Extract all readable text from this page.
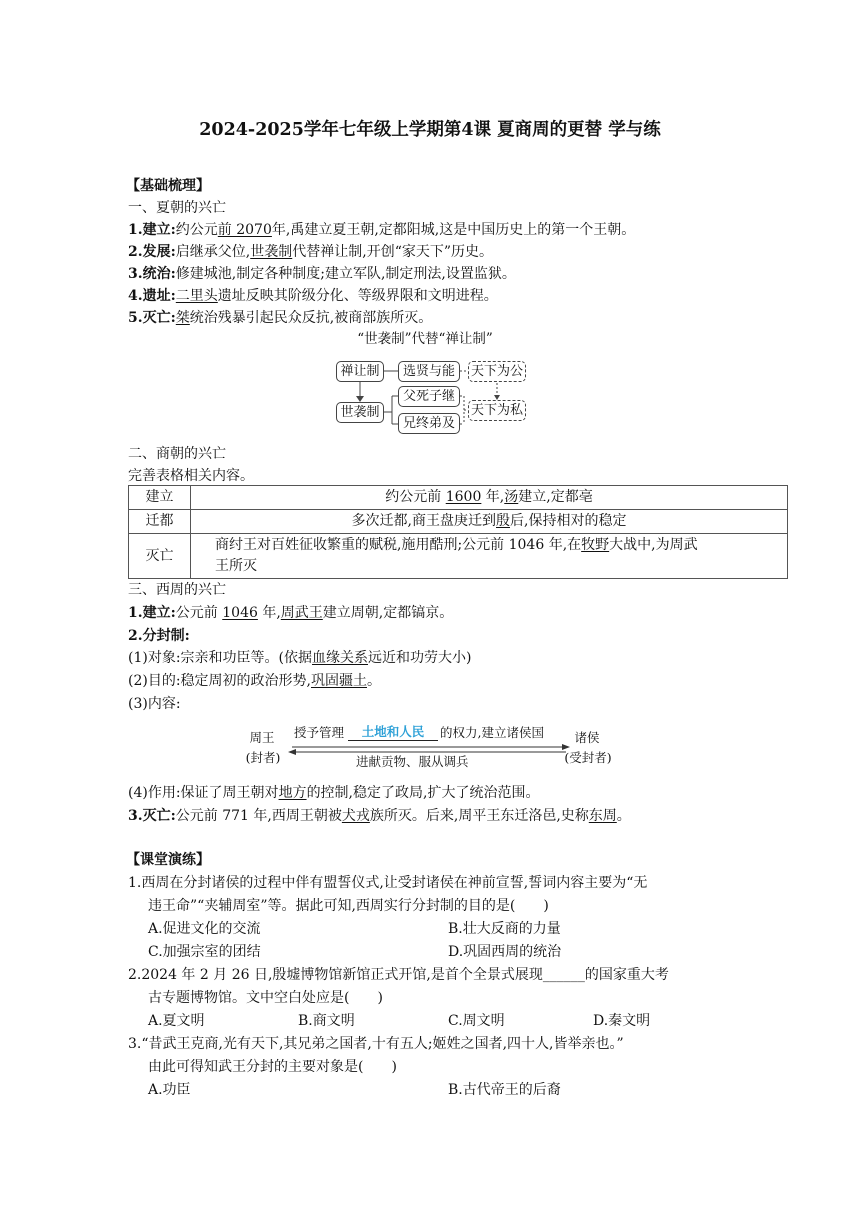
2024-2025学年七年级上学期第4课 夏商周的更替 学与练
【基础梳理】
一、夏朝的兴亡
1.建立:约公元前 2070年,禹建立夏王朝,定都阳城,这是中国历史上的第一个王朝。
2.发展:启继承父位,世袭制代替禅让制,开创“家天下”历史。
3.统治:修建城池,制定各种制度;建立军队,制定刑法,设置监狱。
4.遗址:二里头遗址反映其阶级分化、等级界限和文明进程。
5.灭亡:桀统治残暴引起民众反抗,被商部族所灭。
“世袭制”代替“禅让制”
禅让制
世袭制
选贤与能
父死子继
兄终弟及
天下为公
天下为私
二、商朝的兴亡
完善表格相关内容。
建立	约公元前 1600 年,汤建立,定都亳
迁都	多次迁都,商王盘庚迁到殷后,保持相对的稳定
灭亡	商纣王对百姓征收繁重的赋税,施用酷刑;公元前 1046 年,在牧野大战中,为周武
王所灭
三、西周的兴亡
1.建立:公元前 1046 年,周武王建立周朝,定都镐京。
2.分封制:
(1)对象:宗亲和功臣等。(依据血缘关系远近和功劳大小)
(2)目的:稳定周初的政治形势,巩固疆土。
(3)内容:
周王
(封者)
诸侯
(受封者)
授予管理	土地和人民	的权力,建立诸侯国
进献贡物、服从调兵
(4)作用:保证了周王朝对地方的控制,稳定了政局,扩大了统治范围。
3.灭亡:公元前 771 年,西周王朝被犬戎族所灭。后来,周平王东迁洛邑,史称东周。
【课堂演练】
1.西周在分封诸侯的过程中伴有盟誓仪式,让受封诸侯在神前宣誓,誓词内容主要为“无
违王命”“夹辅周室”等。据此可知,西周实行分封制的目的是(　　)
A.促进文化的交流	B.壮大反商的力量
C.加强宗室的团结	D.巩固西周的统治
2.2024 年 2 月 26 日,殷墟博物馆新馆正式开馆,是首个全景式展现______的国家重大考
古专题博物馆。文中空白处应是(　　)
A.夏文明	B.商文明	C.周文明	D.秦文明
3.“昔武王克商,光有天下,其兄弟之国者,十有五人;姬姓之国者,四十人,皆举亲也。”
由此可得知武王分封的主要对象是(　　)
A.功臣	B.古代帝王的后裔
